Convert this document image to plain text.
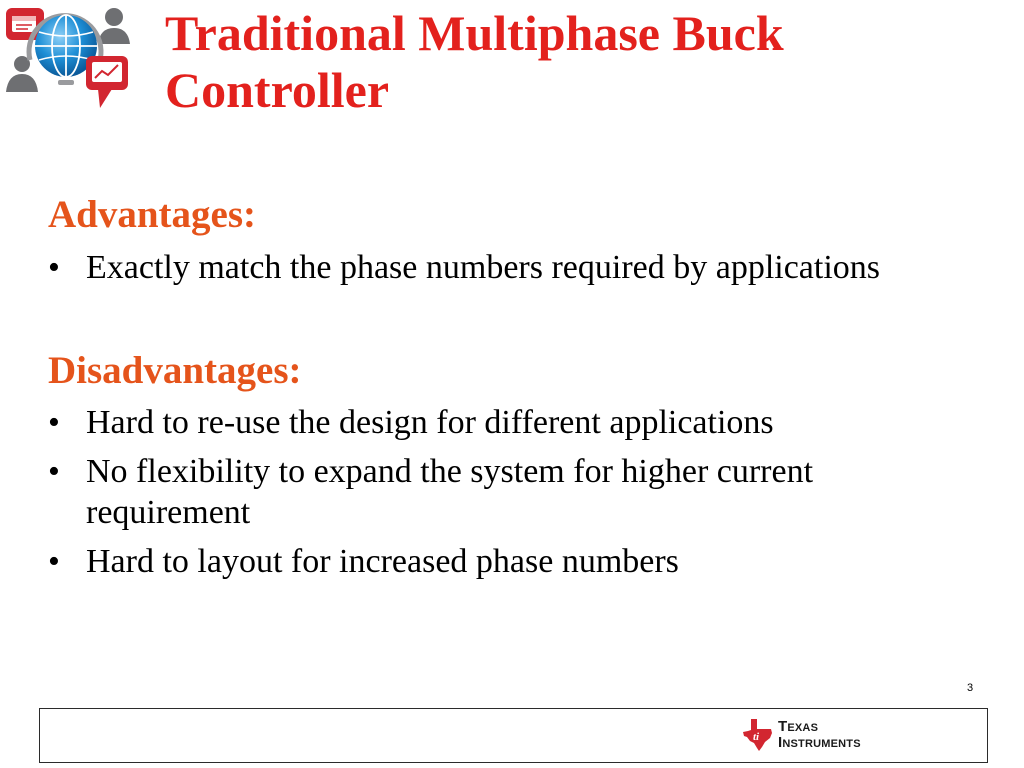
Traditional Multiphase Buck Controller
Advantages:
• Exactly match the phase numbers required by applications
Disadvantages:
• Hard to re-use the design for different applications
• No flexibility to expand the system for higher current requirement
• Hard to layout for increased phase numbers
3
ti
Texas
Instruments
